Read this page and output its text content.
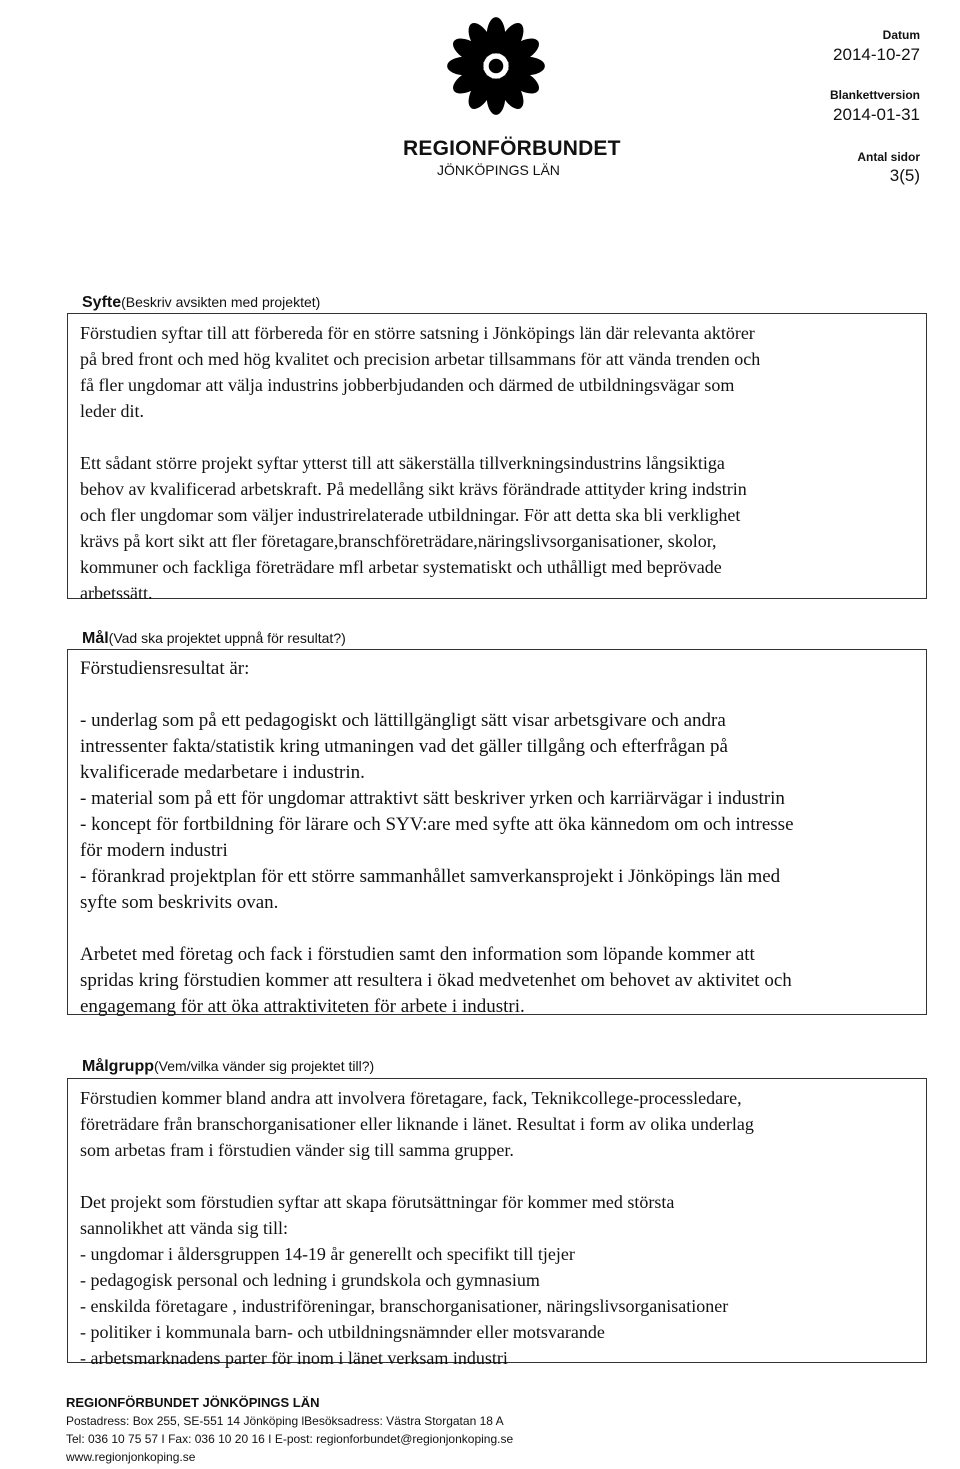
REGIONFÖRBUNDET
JÖNKÖPINGS LÄN
Datum
2014-10-27
Blankettversion
2014-01-31
Antal sidor
3(5)
Syfte(Beskriv avsikten med projektet)

Förstudien syftar till att förbereda för en större satsning i Jönköpings län där relevanta aktörer
på bred front och med hög kvalitet och precision arbetar tillsammans för att vända trenden och
få fler ungdomar att välja industrins jobberbjudanden och därmed de utbildningsvägar som
leder dit.

Ett sådant större projekt syftar ytterst till att säkerställa tillverkningsindustrins långsiktiga
behov av kvalificerad arbetskraft. På medellång sikt krävs förändrade attityder kring indstrin
och fler ungdomar som väljer industrirelaterade utbildningar. För att detta ska bli verklighet
krävs på kort sikt att fler företagare,branschföreträdare,näringslivsorganisationer, skolor,
kommuner och fackliga företrädare mfl arbetar systematiskt och uthålligt med beprövade
arbetssätt.

Mål(Vad ska projektet uppnå för resultat?)

Förstudiensresultat är:

- underlag som på ett pedagogiskt och lättillgängligt sätt visar arbetsgivare och andra
intressenter fakta/statistik kring utmaningen vad det gäller tillgång och efterfrågan på
kvalificerade medarbetare i industrin.
- material som på ett för ungdomar attraktivt sätt beskriver yrken och karriärvägar i industrin
- koncept för fortbildning för lärare och SYV:are med syfte att öka kännedom om och intresse
för modern industri
- förankrad projektplan för ett större sammanhållet samverkansprojekt i Jönköpings län med
syfte som beskrivits ovan.

Arbetet med företag och fack i förstudien samt den information som löpande kommer att
spridas kring förstudien kommer att resultera i ökad medvetenhet om behovet av aktivitet och
engagemang för att öka attraktiviteten för arbete i industri.

Målgrupp(Vem/vilka vänder sig projektet till?)

Förstudien kommer bland andra att involvera företagare, fack, Teknikcollege-processledare,
företrädare från branschorganisationer eller liknande i länet. Resultat i form av olika underlag
som arbetas fram i förstudien vänder sig till samma grupper.

Det projekt som förstudien syftar att skapa förutsättningar för kommer med största
sannolikhet att vända sig till:
- ungdomar i åldersgruppen 14-19 år generellt och specifikt till tjejer
- pedagogisk personal och ledning i grundskola och gymnasium
- enskilda företagare , industriföreningar, branschorganisationer, näringslivsorganisationer
- politiker i kommunala barn- och utbildningsnämnder eller motsvarande
- arbetsmarknadens parter för inom i länet verksam industri

REGIONFÖRBUNDET JÖNKÖPINGS LÄN
Postadress: Box 255, SE-551 14 Jönköping lBesöksadress: Västra Storgatan 18 A
Tel: 036 10 75 57 I Fax: 036 10 20 16 I E-post: regionforbundet@regionjonkoping.se
www.regionjonkoping.se
